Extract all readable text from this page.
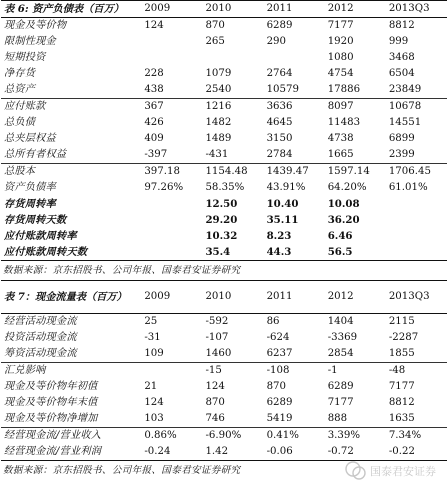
表 6: 资产负债表（百万）	2009	2010	2011	2012	2013Q3
现金及等价物	124	870	6289	7177	8812
限制性现金		265	290	1920	999
短期投资				1080	3468
净存货	228	1079	2764	4754	6504
总资产	438	2540	10579	17886	23849
应付账款	367	1216	3636	8097	10678
总负债	426	1482	4645	11483	14551
总夹层权益	409	1489	3150	4738	6899
总所有者权益	-397	-431	2784	1665	2399
总股本	397.18	1154.48	1439.47	1597.14	1706.45
资产负债率	97.26%	58.35%	43.91%	64.20%	61.01%
存货周转率		12.50	10.40	10.08	
存货周转天数		29.20	35.11	36.20	
应付账款周转率		10.32	8.23	6.46	
应付账款周转天数		35.4	44.3	56.5	
数据来源：京东招股书、公司年报、国泰君安证券研究
表 7：现金流量表（百万）	2009	2010	2011	2012	2013Q3
经营活动现金流	25	-592	86	1404	2115
投资活动现金流	-31	-107	-624	-3369	-2287
筹资活动现金流	109	1460	6237	2854	1855
汇兑影响		-15	-108	-1	-48
现金及等价物年初值	21	124	870	6289	7177
现金及等价物年末值	124	870	6289	7177	8812
现金及等价物净增加	103	746	5419	888	1635
经营现金流/营业收入	0.86%	-6.90%	0.41%	3.39%	7.34%
经营现金流/营业利润	-0.24	1.42	-0.06	-0.72	-0.22
数据来源：京东招股书、公司年报、国泰君安证券研究	国泰君安证券
